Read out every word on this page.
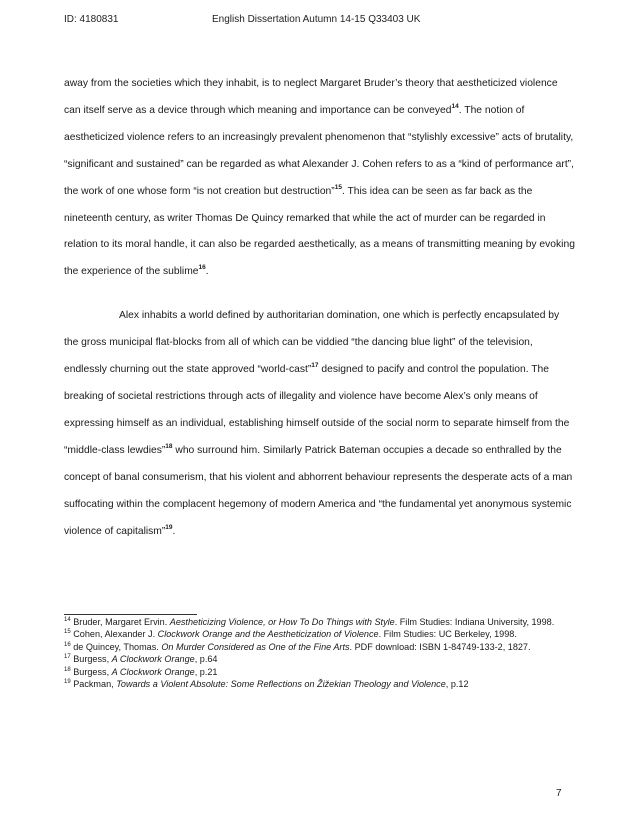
ID: 4180831	English Dissertation Autumn 14-15 Q33403 UK

away from the societies which they inhabit, is to neglect Margaret Bruder’s theory that aestheticized violence can itself serve as a device through which meaning and importance can be conveyed$^{14}$. The notion of aestheticized violence refers to an increasingly prevalent phenomenon that “stylishly excessive” acts of brutality, “significant and sustained” can be regarded as what Alexander J. Cohen refers to as a “kind of performance art”, the work of one whose form “is not creation but destruction”$^{15}$. This idea can be seen as far back as the nineteenth century, as writer Thomas De Quincy remarked that while the act of murder can be regarded in relation to its moral handle, it can also be regarded aesthetically, as a means of transmitting meaning by evoking the experience of the sublime$^{16}$.

Alex inhabits a world defined by authoritarian domination, one which is perfectly encapsulated by the gross municipal flat-blocks from all of which can be viddied “the dancing blue light” of the television, endlessly churning out the state approved “world-cast”$^{17}$ designed to pacify and control the population. The breaking of societal restrictions through acts of illegality and violence have become Alex’s only means of expressing himself as an individual, establishing himself outside of the social norm to separate himself from the “middle-class lewdies”$^{18}$ who surround him. Similarly Patrick Bateman occupies a decade so enthralled by the concept of banal consumerism, that his violent and abhorrent behaviour represents the desperate acts of a man suffocating within the complacent hegemony of modern America and “the fundamental yet anonymous systemic violence of capitalism”$^{19}$.

$^{14}$ Bruder, Margaret Ervin. Aestheticizing Violence, or How To Do Things with Style. Film Studies: Indiana University, 1998.

$^{15}$ Cohen, Alexander J. Clockwork Orange and the Aestheticization of Violence. Film Studies: UC Berkeley, 1998.

$^{16}$ de Quincey, Thomas. On Murder Considered as One of the Fine Arts. PDF download: ISBN 1-84749-133-2, 1827.

$^{17}$ Burgess, A Clockwork Orange, p.64

$^{18}$ Burgess, A Clockwork Orange, p.21

$^{19}$ Packman, Towards a Violent Absolute: Some Reflections on Žižekian Theology and Violence, p.12

7
